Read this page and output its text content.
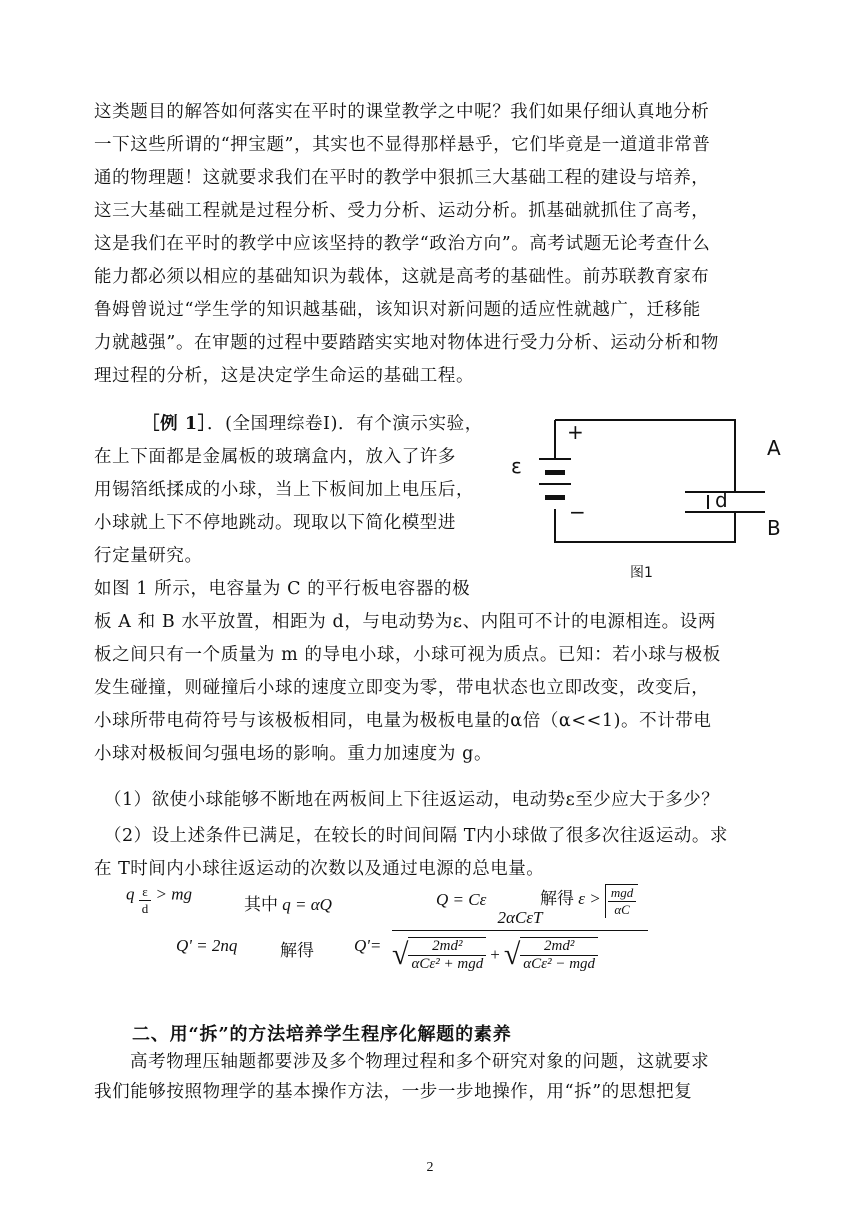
这类题目的解答如何落实在平时的课堂教学之中呢？我们如果仔细认真地分析
一下这些所谓的“押宝题”，其实也不显得那样悬乎，它们毕竟是一道道非常普
通的物理题！这就要求我们在平时的教学中狠抓三大基础工程的建设与培养，
这三大基础工程就是过程分析、受力分析、运动分析。抓基础就抓住了高考，
这是我们在平时的教学中应该坚持的教学“政治方向”。高考试题无论考查什么
能力都必须以相应的基础知识为载体，这就是高考的基础性。前苏联教育家布
鲁姆曾说过“学生学的知识越基础，该知识对新问题的适应性就越广，迁移能
力就越强”。在审题的过程中要踏踏实实地对物体进行受力分析、运动分析和物
理过程的分析，这是决定学生命运的基础工程。
［例 1］．(全国理综卷Ⅰ)．有个演示实验，
在上下面都是金属板的玻璃盒内，放入了许多
用锡箔纸揉成的小球，当上下板间加上电压后，
小球就上下不停地跳动。现取以下简化模型进
行定量研究。
如图 1 所示，电容量为 C 的平行板电容器的极
板 A 和 B 水平放置，相距为 d，与电动势为ε、内阻可不计的电源相连。设两
板之间只有一个质量为 m 的导电小球，小球可视为质点。已知：若小球与极板
发生碰撞，则碰撞后小球的速度立即变为零，带电状态也立即改变，改变后，
小球所带电荷符号与该极板相同，电量为极板电量的α倍（α<<1)。不计带电
小球对极板间匀强电场的影响。重力加速度为 g。
+
−
ε
A
B
d
图1
（1）欲使小球能够不断地在两板间上下往返运动，电动势ε至少应大于多少？
（2）设上述条件已满足，在较长的时间间隔 T内小球做了很多次往返运动。求
在 T时间内小球往返运动的次数以及通过电源的总电量。
q $\frac{\varepsilon}{d}$ > mg
其中 q = αQ	Q = Cε	解得 $\varepsilon > \frac{\text{mgd}}{\alpha C}$
Q' = 2nq	解得 Q'=
2αCεT
√ $\frac{\text{2md²}}{\text{αCε² + mgd}}$ + √ $\frac{\text{2md²}}{\text{αCε² − mgd}}$
二、用“拆”的方法培养学生程序化解题的素养
高考物理压轴题都要涉及多个物理过程和多个研究对象的问题，这就要求
我们能够按照物理学的基本操作方法，一步一步地操作，用“拆”的思想把复
2
